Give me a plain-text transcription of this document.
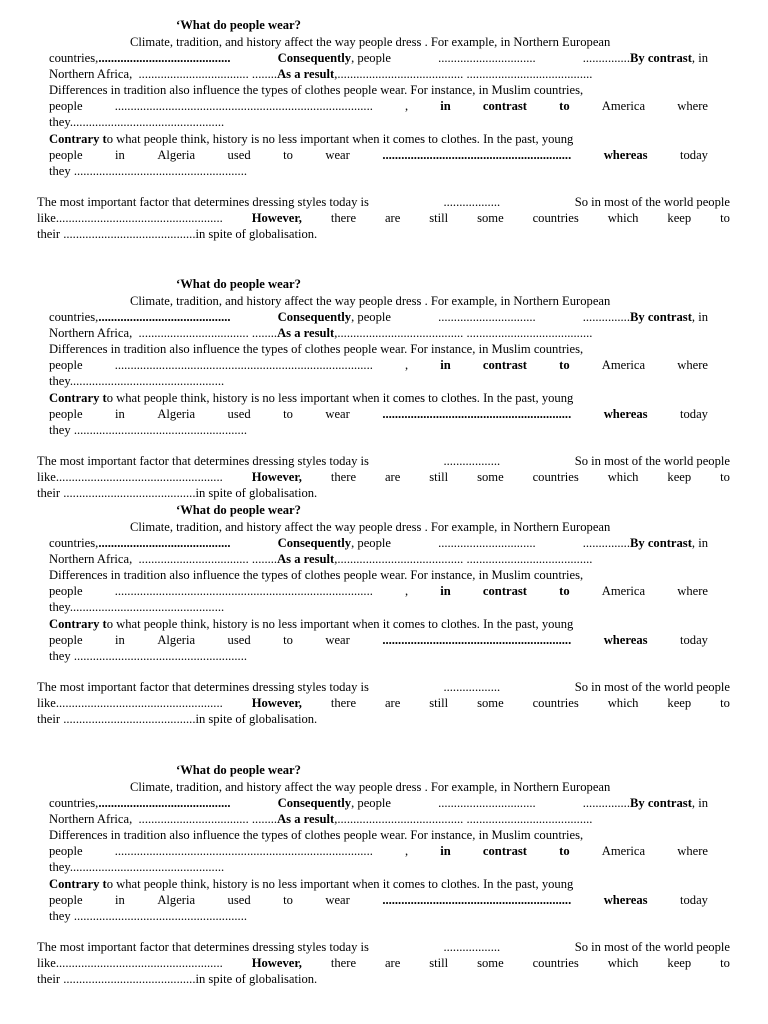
‘What do people wear?
Climate, tradition, and history affect the way people dress . For example, in Northern European
countries,..........................................	Consequently, people	...............................	...............By contrast, in
Northern Africa,
...................................
........ As a result ,........................................
........................................
Differences in tradition also influence the types of clothes people wear. For instance, in Muslim countries,
people	..................................................................................	,	in	contrast	to	America	where
they.................................................
Contrary t o what people think, history is no less important when it comes to clothes. In the past, young
people	in	Algeria	used	to	wear	............................................................	whereas	today
they .......................................................
The most important factor that determines dressing styles today is	..................	So in most of the world people
like..................................................... However, there are still some countries which keep to
their ..........................................in spite of globalisation.
‘What do people wear?
Climate, tradition, and history affect the way people dress . For example, in Northern European
countries,..........................................	Consequently, people	...............................	...............By contrast, in
Northern Africa,
...................................
........ As a result ,........................................
........................................
Differences in tradition also influence the types of clothes people wear. For instance, in Muslim countries,
people	..................................................................................	,	in	contrast	to	America	where
they.................................................
Contrary t o what people think, history is no less important when it comes to clothes. In the past, young
people	in	Algeria	used	to	wear	............................................................	whereas	today
they .......................................................
The most important factor that determines dressing styles today is	..................	So in most of the world people
like..................................................... However, there are still some countries which keep to
their ..........................................in spite of globalisation.
‘What do people wear?
Climate, tradition, and history affect the way people dress . For example, in Northern European
countries,..........................................	Consequently, people	...............................	...............By contrast, in
Northern Africa,
...................................
........ As a result ,........................................
........................................
Differences in tradition also influence the types of clothes people wear. For instance, in Muslim countries,
people	..................................................................................	,	in	contrast	to	America	where
they.................................................
Contrary t o what people think, history is no less important when it comes to clothes. In the past, young
people	in	Algeria	used	to	wear	............................................................	whereas	today
they .......................................................
The most important factor that determines dressing styles today is	..................	So in most of the world people
like..................................................... However, there are still some countries which keep to
their ..........................................in spite of globalisation.
‘What do people wear?
Climate, tradition, and history affect the way people dress . For example, in Northern European
countries,..........................................	Consequently, people	...............................	...............By contrast, in
Northern Africa,
...................................
........ As a result ,........................................
........................................
Differences in tradition also influence the types of clothes people wear. For instance, in Muslim countries,
people	..................................................................................	,	in	contrast	to	America	where
they.................................................
Contrary t o what people think, history is no less important when it comes to clothes. In the past, young
people	in	Algeria	used	to	wear	............................................................	whereas	today
they .......................................................
The most important factor that determines dressing styles today is	..................	So in most of the world people
like..................................................... However, there are still some countries which keep to
their ..........................................in spite of globalisation.
